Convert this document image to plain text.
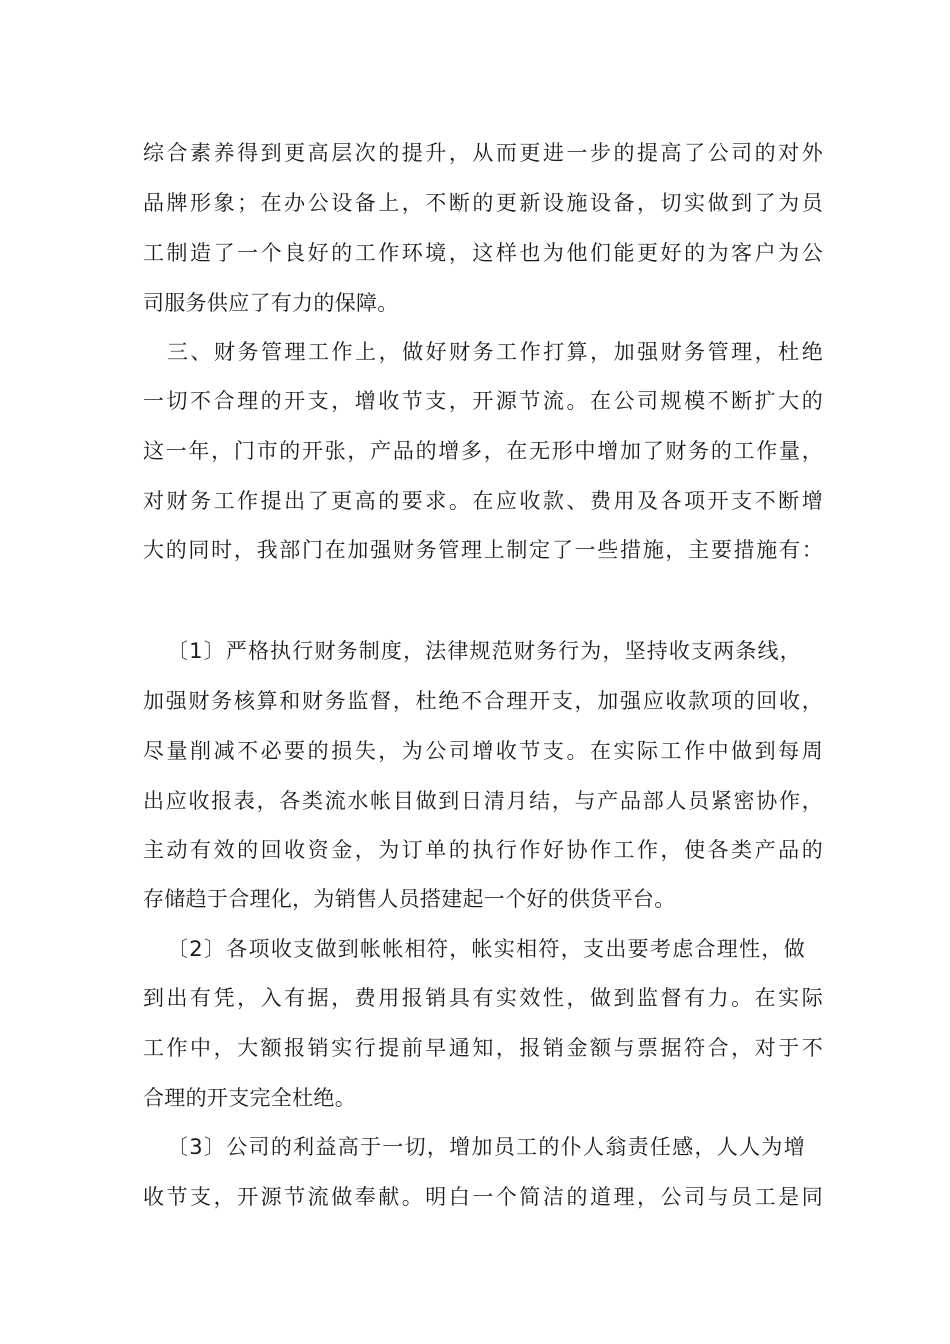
综合素养得到更高层次的提升，从而更进一步的提高了公司的对外
品牌形象；在办公设备上，不断的更新设施设备，切实做到了为员
工制造了一个良好的工作环境，这样也为他们能更好的为客户为公
司服务供应了有力的保障。
三、财务管理工作上，做好财务工作打算，加强财务管理，杜绝
一切不合理的开支，增收节支，开源节流。在公司规模不断扩大的
这一年，门市的开张，产品的增多，在无形中增加了财务的工作量，
对财务工作提出了更高的要求。在应收款、费用及各项开支不断增
大的同时，我部门在加强财务管理上制定了一些措施，主要措施有：
〔1〕严格执行财务制度，法律规范财务行为，坚持收支两条线，
加强财务核算和财务监督，杜绝不合理开支，加强应收款项的回收，
尽量削减不必要的损失，为公司增收节支。在实际工作中做到每周
出应收报表，各类流水帐目做到日清月结，与产品部人员紧密协作，
主动有效的回收资金，为订单的执行作好协作工作，使各类产品的
存储趋于合理化，为销售人员搭建起一个好的供货平台。
〔2〕各项收支做到帐帐相符，帐实相符，支出要考虑合理性，做
到出有凭，入有据，费用报销具有实效性，做到监督有力。在实际
工作中，大额报销实行提前早通知，报销金额与票据符合，对于不
合理的开支完全杜绝。
〔3〕公司的利益高于一切，增加员工的仆人翁责任感，人人为增
收节支，开源节流做奉献。明白一个简洁的道理，公司与员工是同
